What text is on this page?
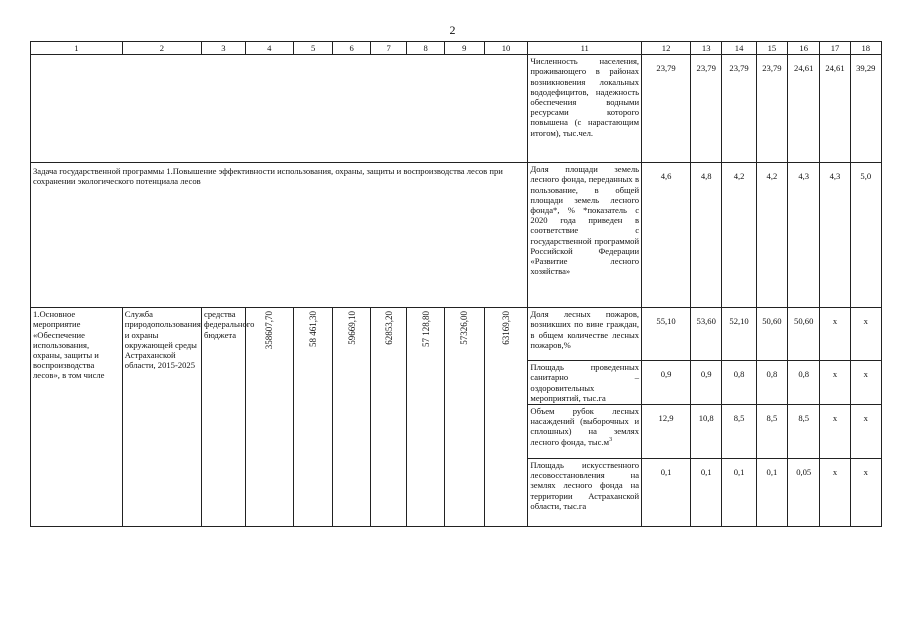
2
1	2	3	4	5	6	7	8	9	10	11	12	13	14	15	16	17	18
										Численность населения, проживающего в районах возникновения локальных вододефицитов, надежность обеспечения водными ресурсами которого повышена (с нарастающим итогом), тыс.чел.	23,79	23,79	23,79	23,79	24,61	24,61	39,29
Задача государственной программы 1.Повышение эффективности использования, охраны, защиты и воспроизводства лесов при сохранении экологического потенциала лесов										Доля площади земель лесного фонда, переданных в пользование, в общей площади земель лесного фонда*, % *показатель с 2020 года приведен в соответствие с государственной программой Российской Федерации «Развитие лесного хозяйства»	4,6	4,8	4,2	4,2	4,3	4,3	5,0
1.Основное мероприятие «Обеспечение использования, охраны, защиты и воспроизводства лесов», в том числе	Служба природопользования и охраны окружающей среды Астраханской области, 2015-2025	средства федерального бюджета	358607,70	58 461,30	59669,10	62853,20	57 128,80	57326,00	63169,30	Доля лесных пожаров, возникших по вине граждан, в общем количестве лесных пожаров,%	55,10	53,60	52,10	50,60	50,60	х	х
										Площадь проведенных санитарно – оздоровительных мероприятий, тыс.га	0,9	0,9	0,8	0,8	0,8	х	х
										Объем рубок лесных насаждений (выборочных и сплошных) на землях лесного фонда, $тыс.м^3$	12,9	10,8	8,5	8,5	8,5	х	х
										Площадь искусственного лесовосстановления на землях лесного фонда на территории Астраханской области, тыс.га	0,1	0,1	0,1	0,1	0,05	х	х
